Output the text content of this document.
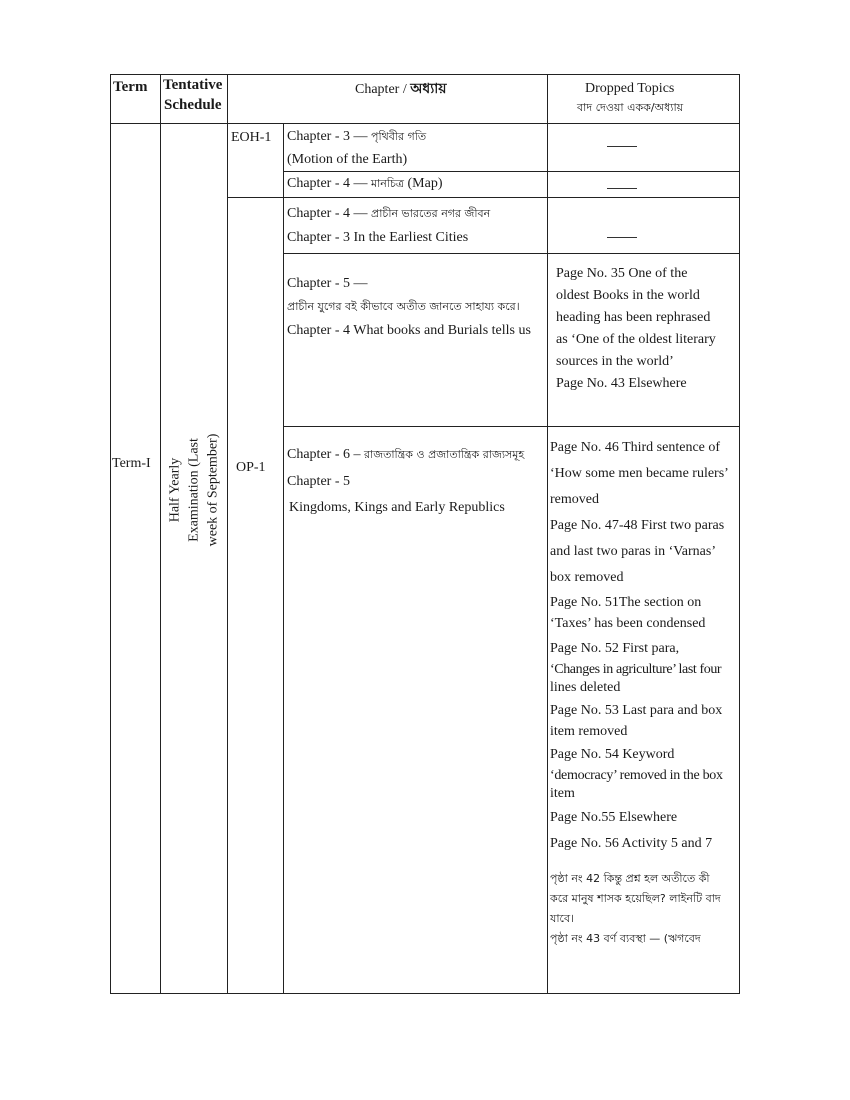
Term Tentative
Schedule
Chapter / অধ্যায়	Dropped Topics
বাদ দেওয়া একক/অধ্যায়
Term-I Half Yearly Examination (Last week of September)
EOH-1
OP-1
Chapter - 3 — পৃথিবীর গতি
(Motion of the Earth)
Chapter - 4 — মানচিত্র (Map)
Chapter - 4 — প্রাচীন ভারতের নগর জীবন
Chapter - 3 In the Earliest Cities
Chapter - 5 —
প্রাচীন যুগের বই কীভাবে অতীত জানতে সাহায্য করে।
Chapter - 4 What books and Burials tells us
Page No. 35 One of the
oldest Books in the world
heading has been rephrased
as ‘One of the oldest literary
sources in the world’
Page No. 43 Elsewhere
Chapter - 6 – রাজতান্ত্রিক ও প্রজাতান্ত্রিক রাজ্যসমূহ
Chapter - 5
Kingdoms, Kings and Early Republics
Page No. 46 Third sentence of
‘How some men became rulers’
removed
Page No. 47-48 First two paras
and last two paras in ‘Varnas’
box removed
Page No. 51The section on
‘Taxes’ has been condensed
Page No. 52 First para,
‘Changes in agriculture’ last four
lines deleted
Page No. 53 Last para and box
item removed
Page No. 54 Keyword
‘democracy’ removed in the box
item
Page No.55 Elsewhere
Page No. 56 Activity 5 and 7
পৃষ্ঠা নং 42 কিন্তু প্রশ্ন হল অতীতে কী
করে মানুষ শাসক হয়েছিল? লাইনটি বাদ
যাবে।
পৃষ্ঠা নং 43 বর্ণ ব্যবস্থা — (ঋগবেদ
